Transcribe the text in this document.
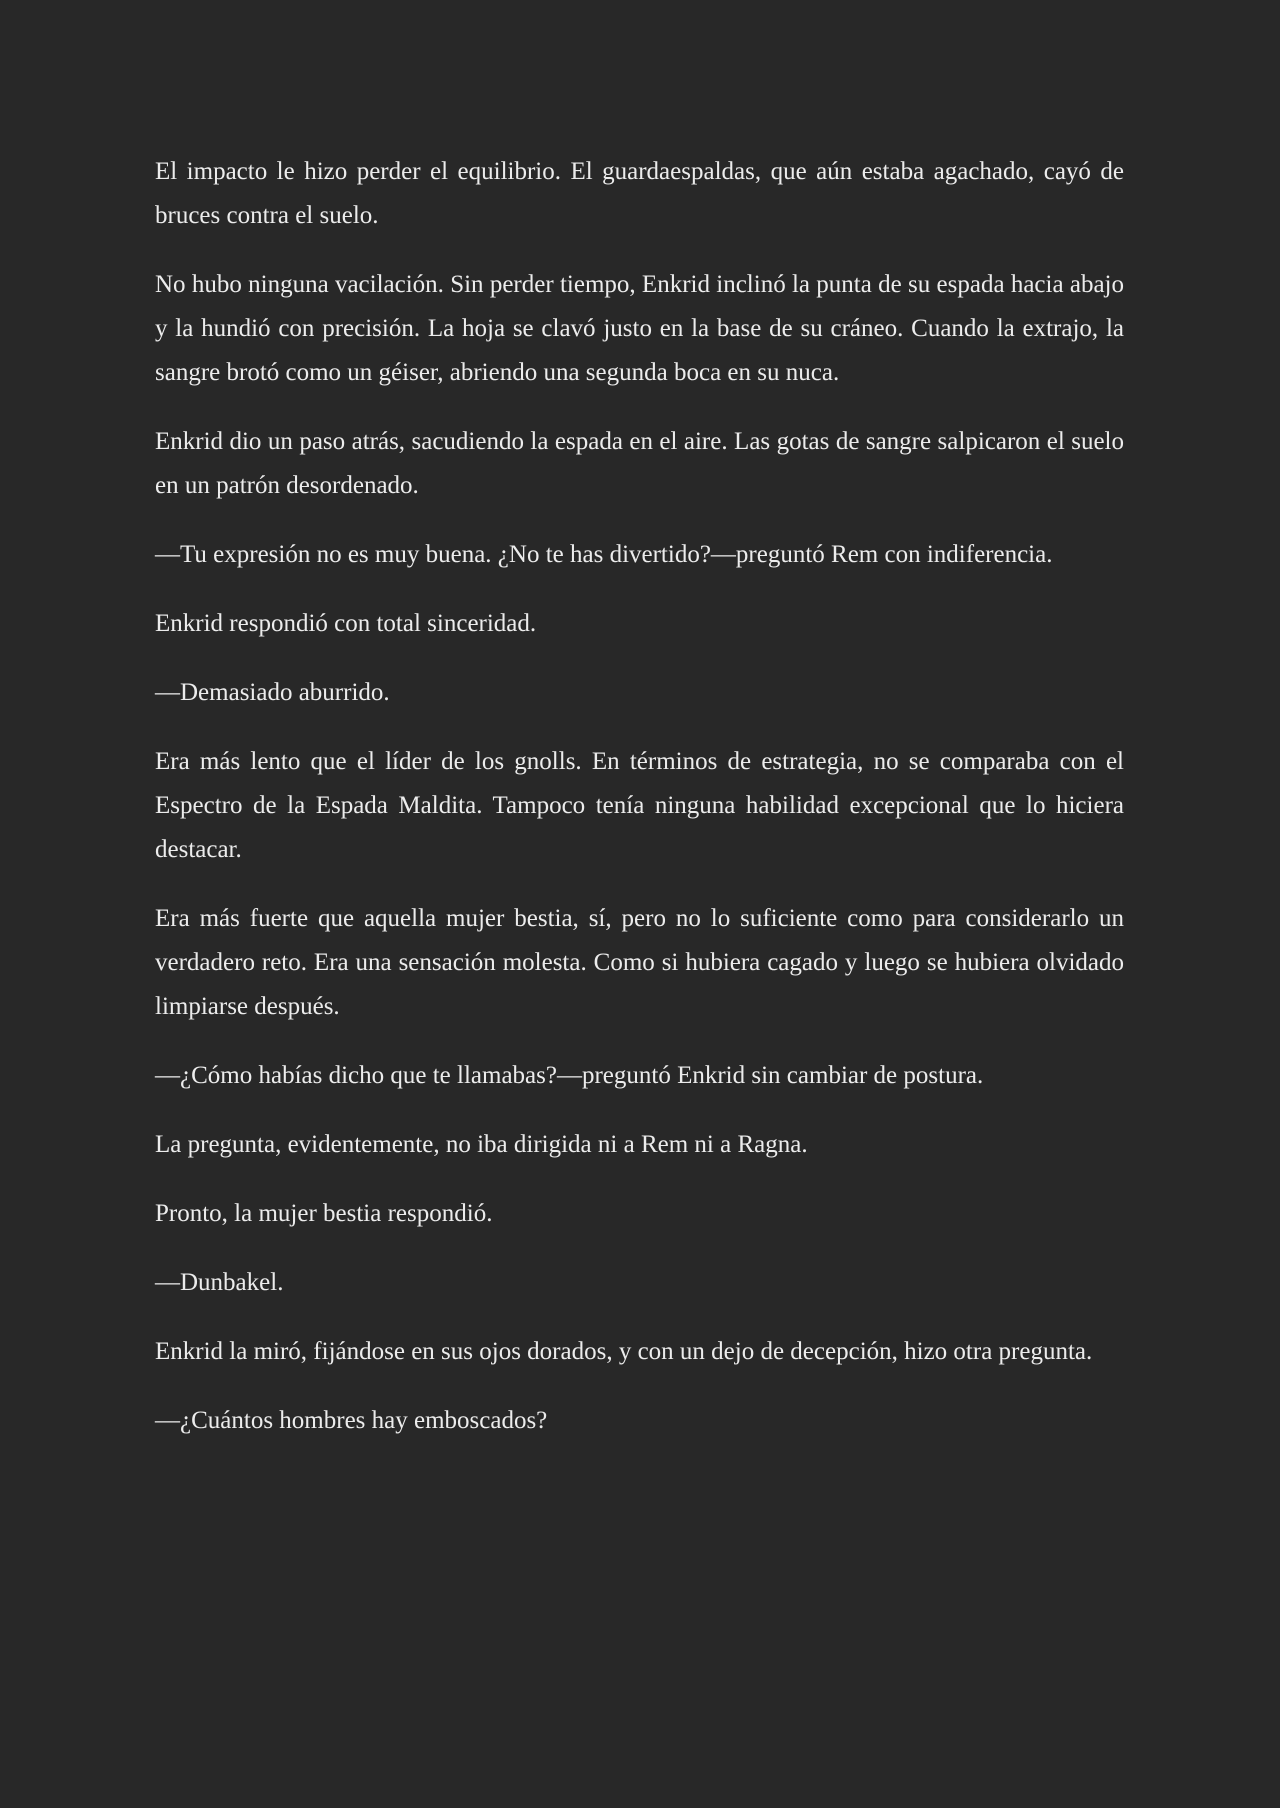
El impacto le hizo perder el equilibrio. El guardaespaldas, que aún estaba agachado, cayó de bruces contra el suelo.

No hubo ninguna vacilación. Sin perder tiempo, Enkrid inclinó la punta de su espada hacia abajo y la hundió con precisión. La hoja se clavó justo en la base de su cráneo. Cuando la extrajo, la sangre brotó como un géiser, abriendo una segunda boca en su nuca.

Enkrid dio un paso atrás, sacudiendo la espada en el aire. Las gotas de sangre salpicaron el suelo en un patrón desordenado.

—Tu expresión no es muy buena. ¿No te has divertido?—preguntó Rem con indiferencia.

Enkrid respondió con total sinceridad.

—Demasiado aburrido.

Era más lento que el líder de los gnolls. En términos de estrategia, no se comparaba con el Espectro de la Espada Maldita. Tampoco tenía ninguna habilidad excepcional que lo hiciera destacar.

Era más fuerte que aquella mujer bestia, sí, pero no lo suficiente como para considerarlo un verdadero reto. Era una sensación molesta. Como si hubiera cagado y luego se hubiera olvidado limpiarse después.

—¿Cómo habías dicho que te llamabas?—preguntó Enkrid sin cambiar de postura.

La pregunta, evidentemente, no iba dirigida ni a Rem ni a Ragna.

Pronto, la mujer bestia respondió.

—Dunbakel.

Enkrid la miró, fijándose en sus ojos dorados, y con un dejo de decepción, hizo otra pregunta.

—¿Cuántos hombres hay emboscados?
